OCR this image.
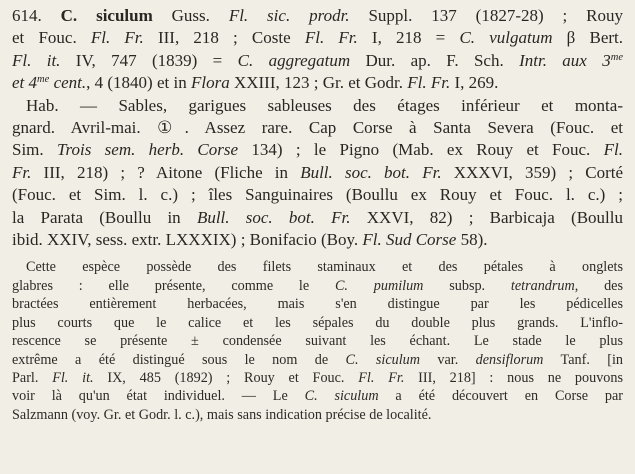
614. C. siculum Guss. Fl. sic. prodr. Suppl. 137 (1827-28) ; Rouy
et Fouc. Fl. Fr. III, 218 ; Coste Fl. Fr. I, 218 = C. vulgatum β Bert.
Fl. it. IV, 747 (1839) = C. aggregatum Dur. ap. F. Sch. Intr. aux $3^{me}$
et $4^{me}$ cent., 4 (1840) et in Flora XXIII, 123 ; Gr. et Godr. Fl. Fr. I, 269.
Hab. — Sables, garigues sableuses des étages inférieur et monta-
gnard. Avril-mai. ①. Assez rare. Cap Corse à Santa Severa (Fouc. et
Sim. Trois sem. herb. Corse 134) ; le Pigno (Mab. ex Rouy et Fouc. Fl.
Fr. III, 218) ; ? Aitone (Fliche in Bull. soc. bot. Fr. XXXVI, 359) ; Corté
(Fouc. et Sim. l. c.) ; îles Sanguinaires (Boullu ex Rouy et Fouc. l. c.) ;
la Parata (Boullu in Bull. soc. bot. Fr. XXVI, 82) ; Barbicaja (Boullu
ibid. XXIV, sess. extr. LXXXIX) ; Bonifacio (Boy. Fl. Sud Corse 58).
Cette espèce possède des filets staminaux et des pétales à onglets
glabres : elle présente, comme le C. pumilum subsp. tetrandrum, des
bractées entièrement herbacées, mais s'en distingue par les pédicelles
plus courts que le calice et les sépales du double plus grands. L'inflo-
rescence se présente ± condensée suivant les échant. Le stade le plus
extrême a été distingué sous le nom de C. siculum var. densiflorum Tanf. [in
Parl. Fl. it. IX, 485 (1892) ; Rouy et Fouc. Fl. Fr. III, 218] : nous ne pouvons
voir là qu'un état individuel. — Le C. siculum a été découvert en Corse par
Salzmann (voy. Gr. et Godr. l. c.), mais sans indication précise de localité.
